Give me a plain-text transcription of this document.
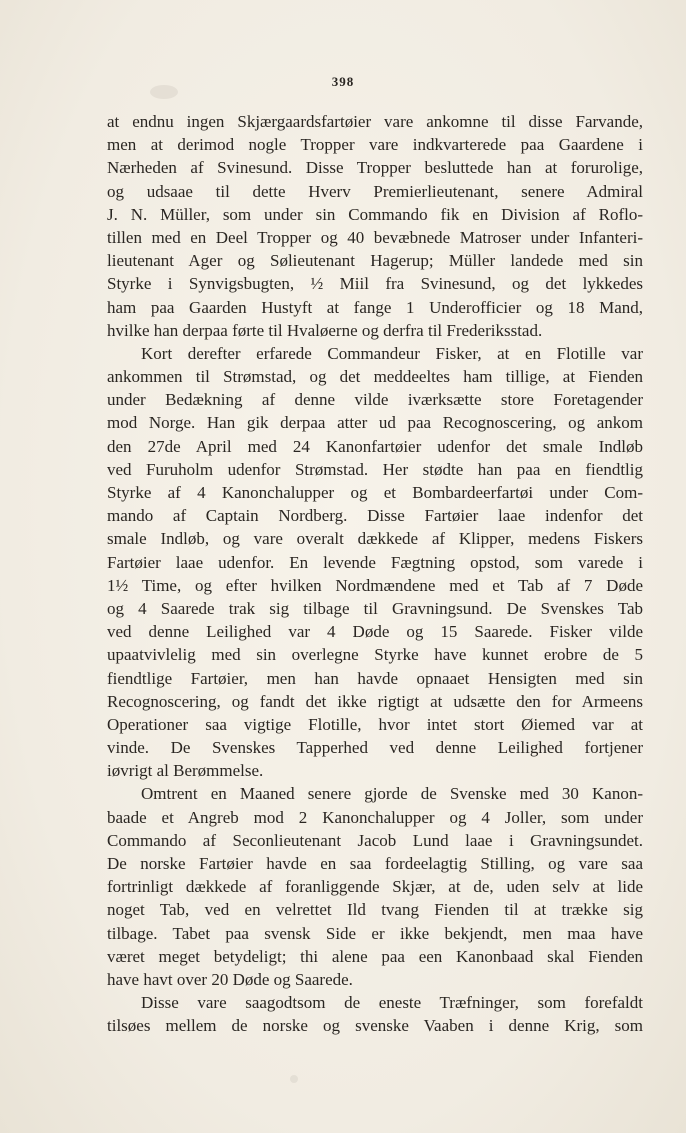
398
at endnu ingen Skjærgaardsfartøier vare ankomne til disse Farvande,
men at derimod nogle Tropper vare indkvarterede paa Gaardene i
Nærheden af Svinesund. Disse Tropper besluttede han at forurolige,
og udsaae til dette Hverv Premierlieutenant, senere Admiral
J. N. Müller, som under sin Commando fik en Division af Roflo-
tillen med en Deel Tropper og 40 bevæbnede Matroser under Infanteri-
lieutenant Ager og Sølieutenant Hagerup; Müller landede med sin
Styrke i Synvigsbugten, ½ Miil fra Svinesund, og det lykkedes
ham paa Gaarden Hustyft at fange 1 Underofficier og 18 Mand,
hvilke han derpaa førte til Hvaløerne og derfra til Frederiksstad.
Kort derefter erfarede Commandeur Fisker, at en Flotille var
ankommen til Strømstad, og det meddeeltes ham tillige, at Fienden
under Bedækning af denne vilde iværksætte store Foretagender
mod Norge. Han gik derpaa atter ud paa Recognoscering, og ankom
den 27de April med 24 Kanonfartøier udenfor det smale Indløb
ved Furuholm udenfor Strømstad. Her stødte han paa en fiendtlig
Styrke af 4 Kanonchalupper og et Bombardeerfartøi under Com-
mando af Captain Nordberg. Disse Fartøier laae indenfor det
smale Indløb, og vare overalt dækkede af Klipper, medens Fiskers
Fartøier laae udenfor. En levende Fægtning opstod, som varede i
1½ Time, og efter hvilken Nordmændene med et Tab af 7 Døde
og 4 Saarede trak sig tilbage til Gravningsund. De Svenskes Tab
ved denne Leilighed var 4 Døde og 15 Saarede. Fisker vilde
upaatvivlelig med sin overlegne Styrke have kunnet erobre de 5
fiendtlige Fartøier, men han havde opnaaet Hensigten med sin
Recognoscering, og fandt det ikke rigtigt at udsætte den for Armeens
Operationer saa vigtige Flotille, hvor intet stort Øiemed var at
vinde. De Svenskes Tapperhed ved denne Leilighed fortjener
iøvrigt al Berømmelse.
Omtrent en Maaned senere gjorde de Svenske med 30 Kanon-
baade et Angreb mod 2 Kanonchalupper og 4 Joller, som under
Commando af Seconlieutenant Jacob Lund laae i Gravningsundet.
De norske Fartøier havde en saa fordeelagtig Stilling, og vare saa
fortrinligt dækkede af foranliggende Skjær, at de, uden selv at lide
noget Tab, ved en velrettet Ild tvang Fienden til at trække sig
tilbage. Tabet paa svensk Side er ikke bekjendt, men maa have
været meget betydeligt; thi alene paa een Kanonbaad skal Fienden
have havt over 20 Døde og Saarede.
Disse vare saagodtsom de eneste Træfninger, som forefaldt
tilsøes mellem de norske og svenske Vaaben i denne Krig, som
